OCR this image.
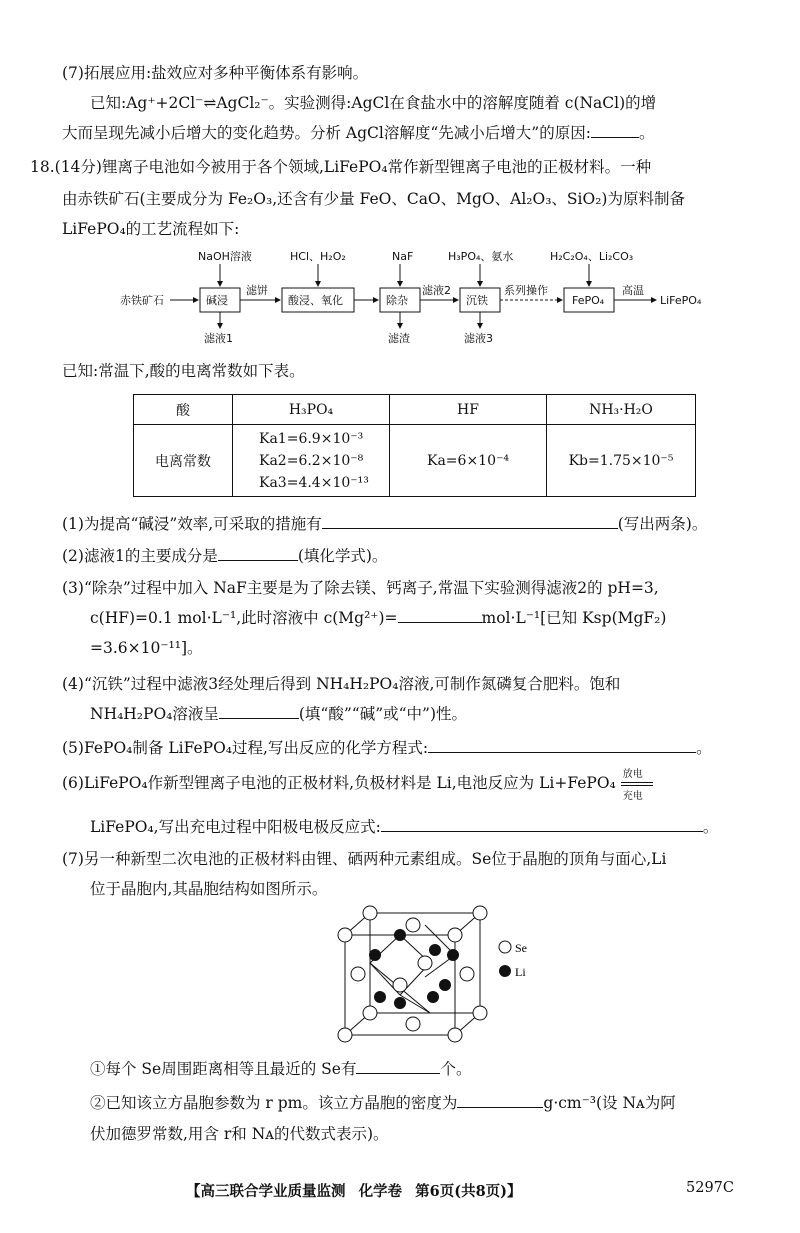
(7)拓展应用:盐效应对多种平衡体系有影响。
已知:Ag⁺+2Cl⁻⇌AgCl₂⁻。实验测得:AgCl在食盐水中的溶解度随着 c(NaCl)的增
大而呈现先减小后增大的变化趋势。分析 AgCl溶解度“先减小后增大”的原因:	。
18.(14分)锂离子电池如今被用于各个领域,LiFePO₄常作新型锂离子电池的正极材料。一种
由赤铁矿石(主要成分为 Fe₂O₃,还含有少量 FeO、CaO、MgO、Al₂O₃、SiO₂)为原料制备
LiFePO₄的工艺流程如下:
赤铁矿石	碱浸
NaOH溶液
滤液1
滤饼
酸浸、氧化
HCl、H₂O₂
除杂
NaF
滤渣
滤液2
沉铁
H₃PO₄、氨水
滤液3
系列操作
FePO₄
H₂C₂O₄、Li₂CO₃
高温
LiFePO₄
已知:常温下,酸的电离常数如下表。
酸	H₃PO₄	HF	NH₃·H₂O
电离常数	Ka1=6.9×10⁻³
Ka2=6.2×10⁻⁸
Ka3=4.4×10⁻¹³	Ka=6×10⁻⁴	Kb=1.75×10⁻⁵
(1)为提高“碱浸”效率,可采取的措施有	(写出两条)。
(2)滤液1的主要成分是	(填化学式)。
(3)“除杂”过程中加入 NaF主要是为了除去镁、钙离子,常温下实验测得滤液2的 pH=3,
c(HF)=0.1 mol·L⁻¹,此时溶液中 c(Mg²⁺)=	mol·L⁻¹[已知 Ksp(MgF₂)
=3.6×10⁻¹¹]。
(4)“沉铁”过程中滤液3经处理后得到 NH₄H₂PO₄溶液,可制作氮磷复合肥料。饱和
NH₄H₂PO₄溶液呈	(填“酸”“碱”或“中”)性。
(5)FePO₄制备 LiFePO₄过程,写出反应的化学方程式:	。
(6)LiFePO₄作新型锂离子电池的正极材料,负极材料是 Li,电池反应为 Li+FePO₄ 放电
充电
LiFePO₄,写出充电过程中阳极电极反应式:	。
(7)另一种新型二次电池的正极材料由锂、硒两种元素组成。Se位于晶胞的顶角与面心,Li
位于晶胞内,其晶胞结构如图所示。
Se
Li
①每个 Se周围距离相等且最近的 Se有	个。
②已知该立方晶胞参数为 r pm。该立方晶胞的密度为	g·cm⁻³(设 Nᴀ为阿
伏加德罗常数,用含 r和 Nᴀ的代数式表示)。
【高三联合学业质量监测 化学卷 第6页(共8页)】	5297C
